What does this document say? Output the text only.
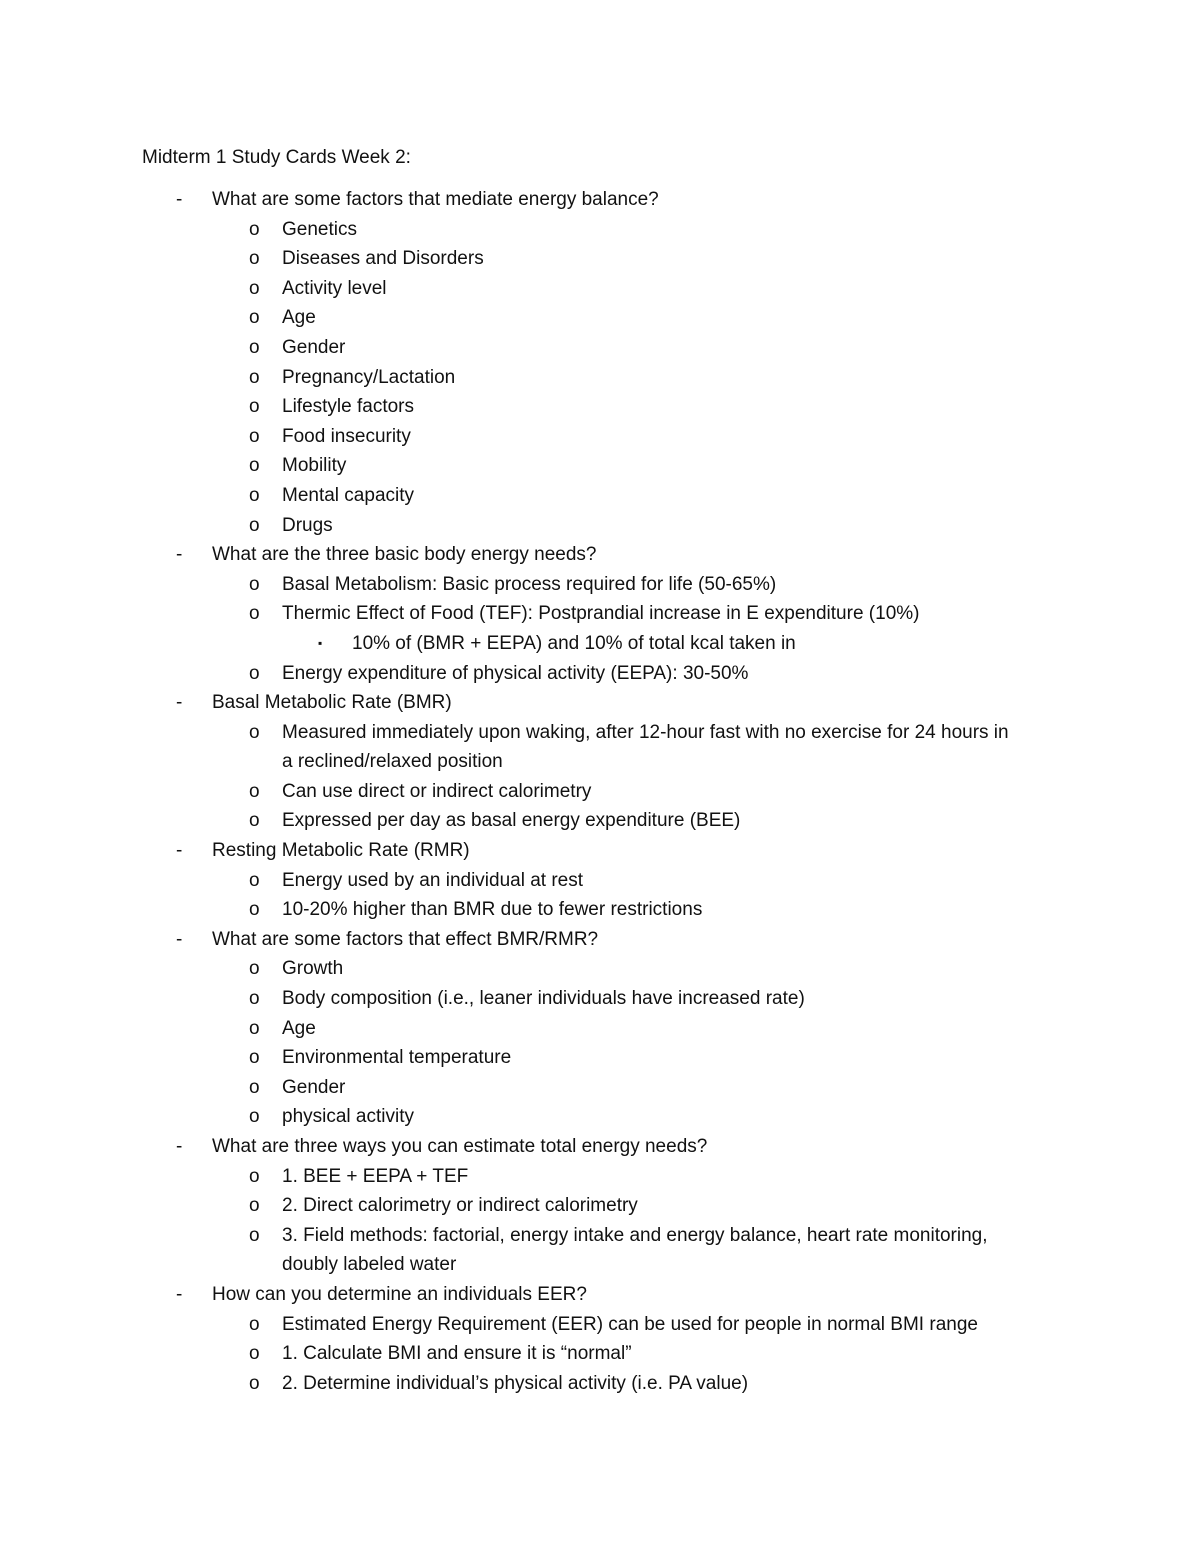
Midterm 1 Study Cards Week 2:
- What are some factors that mediate energy balance?
o Genetics
o Diseases and Disorders
o Activity level
o Age
o Gender
o Pregnancy/Lactation
o Lifestyle factors
o Food insecurity
o Mobility
o Mental capacity
o Drugs
- What are the three basic body energy needs?
o Basal Metabolism: Basic process required for life (50-65%)
o Thermic Effect of Food (TEF): Postprandial increase in E expenditure (10%)
▪ 10% of (BMR + EEPA) and 10% of total kcal taken in
o Energy expenditure of physical activity (EEPA): 30-50%
- Basal Metabolic Rate (BMR)
o Measured immediately upon waking, after 12-hour fast with no exercise for 24 hours in
a reclined/relaxed position
o Can use direct or indirect calorimetry
o Expressed per day as basal energy expenditure (BEE)
- Resting Metabolic Rate (RMR)
o Energy used by an individual at rest
o 10-20% higher than BMR due to fewer restrictions
- What are some factors that effect BMR/RMR?
o Growth
o Body composition (i.e., leaner individuals have increased rate)
o Age
o Environmental temperature
o Gender
o physical activity
- What are three ways you can estimate total energy needs?
o 1. BEE + EEPA + TEF
o 2. Direct calorimetry or indirect calorimetry
o 3. Field methods: factorial, energy intake and energy balance, heart rate monitoring,
doubly labeled water
- How can you determine an individuals EER?
o Estimated Energy Requirement (EER) can be used for people in normal BMI range
o 1. Calculate BMI and ensure it is “normal”
o 2. Determine individual’s physical activity (i.e. PA value)
